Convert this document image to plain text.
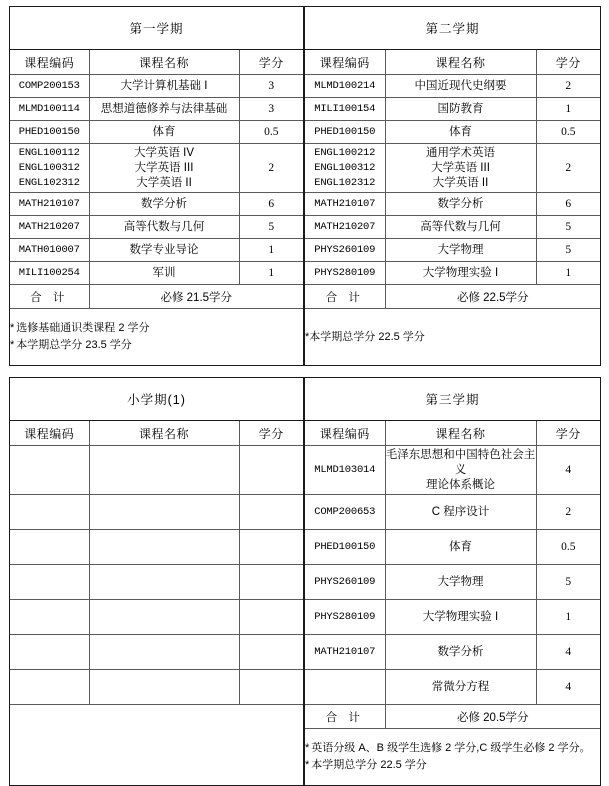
第一学期		
课程编码	课程名称	学分
COMP200153	大学计算机基础 I	3
MLMD100114	思想道德修养与法律基础	3
PHED100150	体育	0.5
ENGL100112
ENGL100312
ENGL102312	大学英语 IV
大学英语 III
大学英语 II	2
MATH210107	数学分析	6
MATH210207	高等代数与几何	5
MATH010007	数学专业导论	1
MILI100254	军训	1
合 计	必修 21.5学分	

* 选修基础通识类课程 2 学分
* 本学期总学分 23.5 学分		
第二学期		
课程编码	课程名称	学分
MLMD100214	中国近现代史纲要	2
MILI100154	国防教育	1
PHED100150	体育	0.5
ENGL100212
ENGL100312
ENGL102312	通用学术英语
大学英语 III
大学英语 II	2
MATH210107	数学分析	6
MATH210207	高等代数与几何	5
PHYS260109	大学物理	5
PHYS280109	大学物理实验 I	1
合 计	必修 22.5学分	

*本学期总学分 22.5 学分		
小学期(1)		
课程编码	课程名称	学分

第三学期		
课程编码	课程名称	学分
MLMD103014	毛泽东思想和中国特色社会主义
理论体系概论	4
COMP200653	C 程序设计	2
PHED100150	体育	0.5
PHYS260109	大学物理	5
PHYS280109	大学物理实验 I	1
MATH210107	数学分析	4
	常微分方程	4
合 计	必修 20.5学分	

* 英语分级 A、B 级学生选修 2 学分,C 级学生必修 2 学分。
* 本学期总学分 22.5 学分		
